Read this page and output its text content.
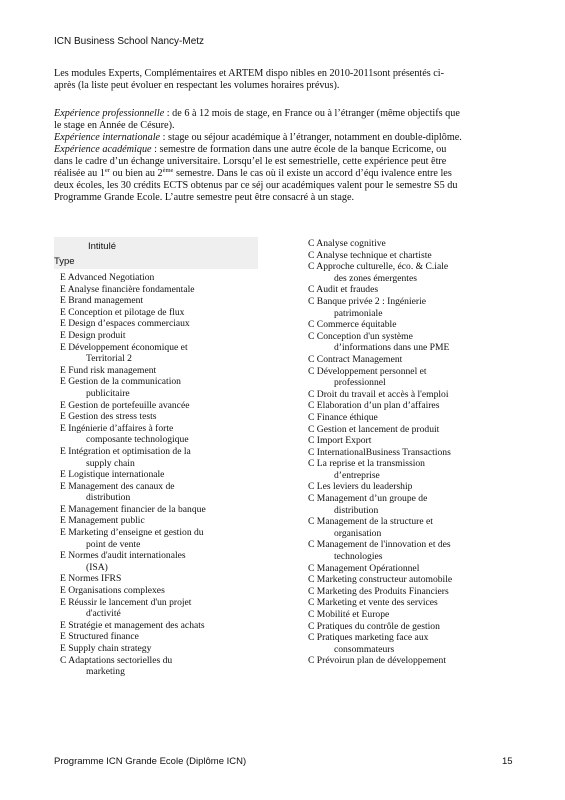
ICN Business School Nancy-Metz

Les modules Experts, Complémentaires et ARTEM dispo nibles en 2010-2011sont présentés ci-

après (la liste peut évoluer en respectant les volumes horaires prévus).

Expérience professionnelle : de 6 à 12 mois de stage, en France ou à l’étranger (même objectifs que

le stage en Année de Césure).

Expérience internationale : stage ou séjour académique à l’étranger, notamment en double-diplôme.

Expérience académique : semestre de formation dans une autre école de la banque Ecricome, ou

dans le cadre d’un échange universitaire. Lorsqu’el le est semestrielle, cette expérience peut être

réalisée au 1er ou bien au 2ème semestre. Dans le cas où il existe un accord d’équ ivalence entre les

deux écoles, les 30 crédits ECTS obtenus par ce séj our académiques valent pour le semestre S5 du

Programme Grande Ecole. L’autre semestre peut être consacré à un stage.

Intitulé
Type
E Advanced Negotiation
E Analyse financière fondamentale
E Brand management
E Conception et pilotage de flux
E Design d’espaces commerciaux
E Design produit
E Développement économique et
Territorial 2
E Fund risk management
E Gestion de la communication
publicitaire
E Gestion de portefeuille avancée
E Gestion des stress tests
E Ingénierie d’affaires à forte
composante technologique
E Intégration et optimisation de la
supply chain
E Logistique internationale
E Management des canaux de
distribution
E Management financier de la banque
E Management public
E Marketing d’enseigne et gestion du
point de vente
E Normes d'audit internationales
(ISA)
E Normes IFRS
E Organisations complexes
E Réussir le lancement d'un projet
d'activité
E Stratégie et management des achats
E Structured finance
E Supply chain strategy
C Adaptations sectorielles du
marketing
C Analyse cognitive
C Analyse technique et chartiste
C Approche culturelle, éco. & C.iale
des zones émergentes
C Audit et fraudes
C Banque privée 2 : Ingénierie
patrimoniale
C Commerce équitable
C Conception d'un système
d’informations dans une PME
C Contract Management
C Développement personnel et
professionnel
C Droit du travail et accès à l'emploi
C Elaboration d’un plan d’affaires
C Finance éthique
C Gestion et lancement de produit
C Import Export
C InternationalBusiness Transactions
C La reprise et la transmission
d’entreprise
C Les leviers du leadership
C Management d’un groupe de
distribution
C Management de la structure et
organisation
C Management de l'innovation et des
technologies
C Management Opérationnel
C Marketing constructeur automobile
C Marketing des Produits Financiers
C Marketing et vente des services
C Mobilité et Europe
C Pratiques du contrôle de gestion
C Pratiques marketing face aux
consommateurs
C Prévoirun plan de développement
Programme ICN Grande Ecole (Diplôme ICN)	15
